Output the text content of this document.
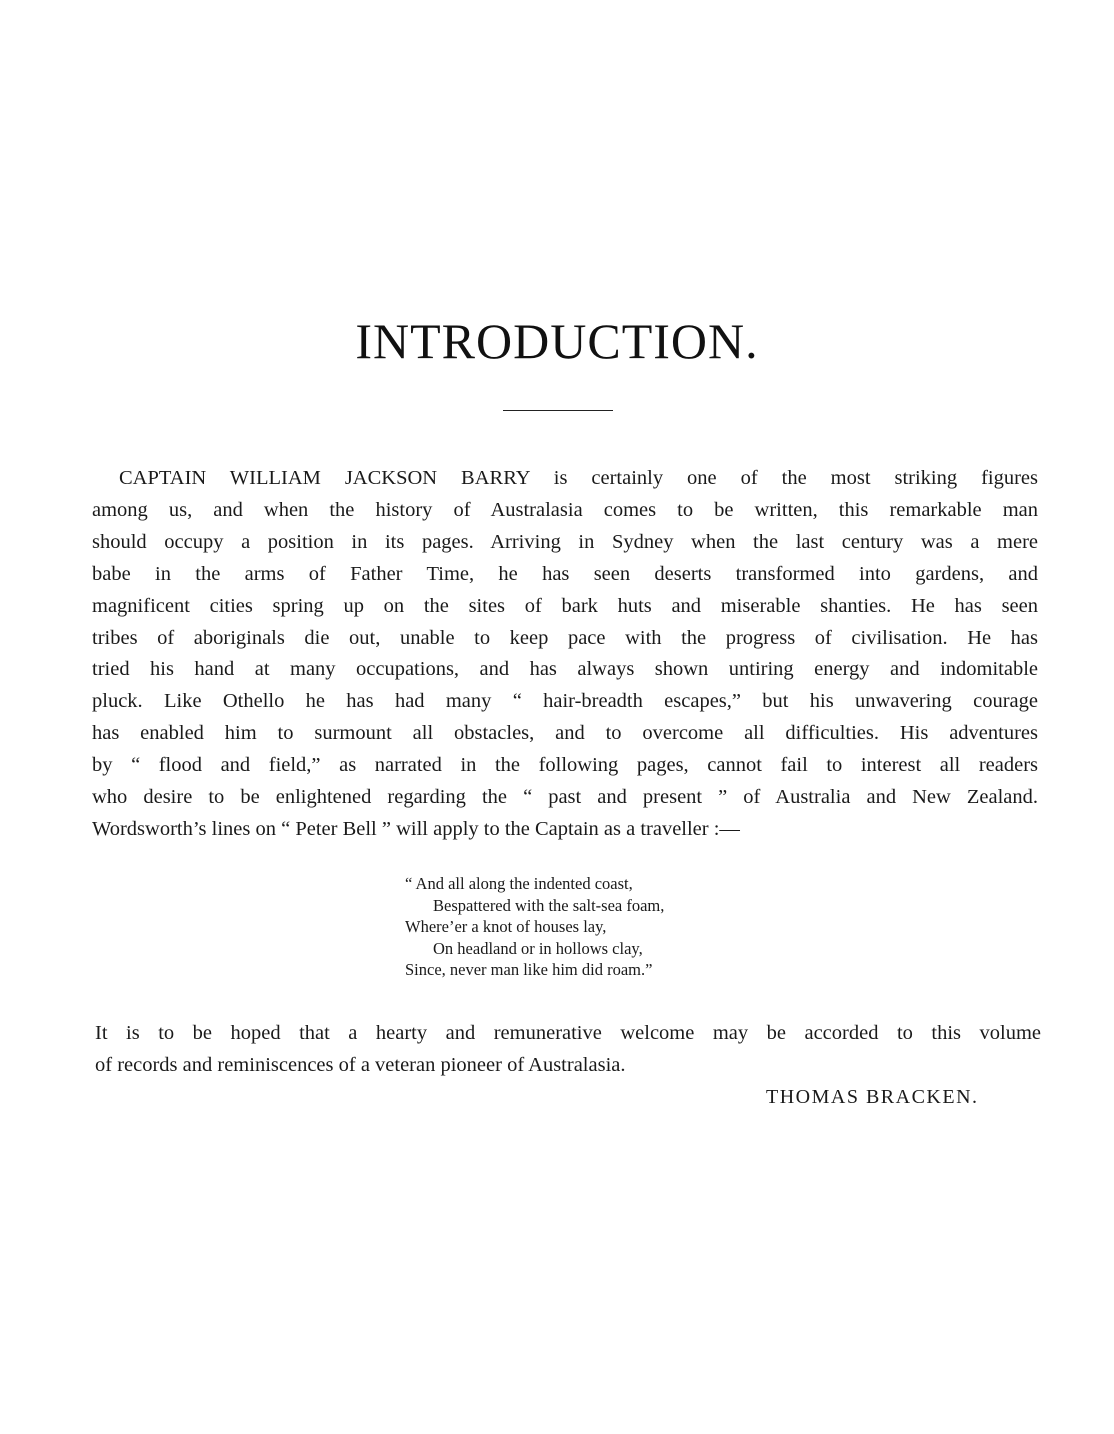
INTRODUCTION.

CAPTAIN WILLIAM JACKSON BARRY is certainly one of the most striking figures
among us, and when the history of Australasia comes to be written, this remarkable man
should occupy a position in its pages. Arriving in Sydney when the last century was a mere
babe in the arms of Father Time, he has seen deserts transformed into gardens, and
magnificent cities spring up on the sites of bark huts and miserable shanties. He has seen
tribes of aboriginals die out, unable to keep pace with the progress of civilisation. He has
tried his hand at many occupations, and has always shown untiring energy and indomitable
pluck. Like Othello he has had many “ hair-breadth escapes,” but his unwavering courage
has enabled him to surmount all obstacles, and to overcome all difficulties. His adventures
by “ flood and field,” as narrated in the following pages, cannot fail to interest all readers
who desire to be enlightened regarding the “ past and present ” of Australia and New Zealand.
Wordsworth’s lines on “ Peter Bell ” will apply to the Captain as a traveller :—

“ And all along the indented coast,
Bespattered with the salt-sea foam,
Where’er a knot of houses lay,
On headland or in hollows clay,
Since, never man like him did roam.”

It is to be hoped that a hearty and remunerative welcome may be accorded to this volume
of records and reminiscences of a veteran pioneer of Australasia.

THOMAS BRACKEN.
